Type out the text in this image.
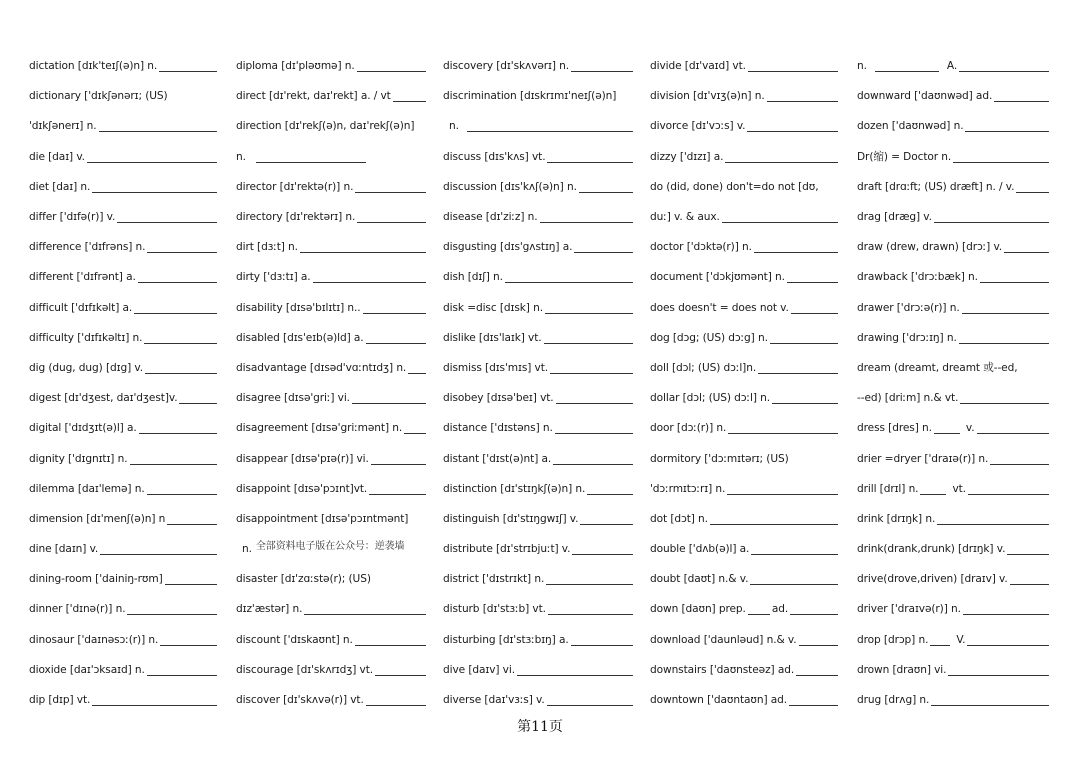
dictation [dɪk'teɪʃ(ə)n] n.
dictionary ['dɪkʃənərɪ; (US)
'dɪkʃənerɪ] n.
die [daɪ] v.
diet [daɪ] n.
differ ['dɪfə(r)] v.
difference ['dɪfrəns] n.
different ['dɪfrənt] a.
difficult ['dɪfɪkəlt] a.
difficulty ['dɪfɪkəltɪ] n.
dig (dug, dug) [dɪg] v.
digest [dɪ'dʒest, daɪ'dʒest]v.
digital ['dɪdʒɪt(ə)l] a.
dignity ['dɪgnɪtɪ] n.
dilemma [daɪ'lemə] n.
dimension [dɪ'menʃ(ə)n] n
dine [daɪn] v.
dining-room ['dainiŋ-rʊm]
dinner ['dɪnə(r)] n.
dinosaur ['daɪnəsɔː(r)] n.
dioxide [daɪ'ɔksaɪd] n.
dip [dɪp] vt.
diploma [dɪ'pləʊmə] n.
direct [dɪ'rekt, daɪ'rekt] a. / vt
direction [dɪ'rekʃ(ə)n, daɪ'rekʃ(ə)n]
n.
director [dɪ'rektə(r)] n.
directory [dɪ'rektərɪ] n.
dirt [dɜːt] n.
dirty ['dɜːtɪ] a.
disability [dɪsə'bɪlɪtɪ] n..
disabled [dɪs'eɪb(ə)ld] a.
disadvantage [dɪsəd'vɑːntɪdʒ] n.
disagree [dɪsə'griː] vi.
disagreement [dɪsə'griːmənt] n.
disappear [dɪsə'pɪə(r)] vi.
disappoint [dɪsə'pɔɪnt]vt.
disappointment [dɪsə'pɔɪntmənt]
n. 全部资料电子版在公众号：逆袭墙
disaster [dɪ'zɑːstə(r); (US)
dɪz'æstər] n.
discount ['dɪskaʊnt] n.
discourage [dɪ'skʌrɪdʒ] vt.
discover [dɪ'skʌvə(r)] vt.
discovery [dɪ'skʌvərɪ] n.
discrimination [dɪskrɪmɪ'neɪʃ(ə)n]
n.
discuss [dɪs'kʌs] vt.
discussion [dɪs'kʌʃ(ə)n] n.
disease [dɪ'ziːz] n.
disgusting [dɪs'gʌstɪŋ] a.
dish [dɪʃ] n.
disk =disc [dɪsk] n.
dislike [dɪs'laɪk] vt.
dismiss [dɪs'mɪs] vt.
disobey [dɪsə'beɪ] vt.
distance ['dɪstəns] n.
distant ['dɪst(ə)nt] a.
distinction [dɪ'stɪŋkʃ(ə)n] n.
distinguish [dɪ'stɪŋgwɪʃ] v.
distribute [dɪ'strɪbjuːt] v.
district ['dɪstrɪkt] n.
disturb [dɪ'stɜːb] vt.
disturbing [dɪ'stɜːbɪŋ] a.
dive [daɪv] vi.
diverse [daɪ'vɜːs] v.
divide [dɪ'vaɪd] vt.
division [dɪ'vɪʒ(ə)n] n.
divorce [dɪ'vɔːs] v.
dizzy ['dɪzɪ] a.
do (did, done) don't=do not [dʊ,
duː] v. & aux.
doctor ['dɔktə(r)] n.
document ['dɔkjʊmənt] n.
does doesn't = does not v.
dog [dɔg; (US) dɔːg] n.
doll [dɔl; (US) dɔːl]n.
dollar [dɔl; (US) dɔːl] n.
door [dɔː(r)] n.
dormitory ['dɔːmɪtərɪ; (US)
'dɔːrmɪtɔːrɪ] n.
dot [dɔt] n.
double ['dʌb(ə)l] a.
doubt [daʊt] n.& v.
down [daʊn] prep. ad.
download ['daunləud] n.& v.
downstairs ['daʊnsteəz] ad.
downtown ['daʊntaʊn] ad.
n.	A.
downward ['daʊnwəd] ad.
dozen ['daʊnwəd] n.
Dr(缩) = Doctor n.
draft [drɑːft; (US) dræft] n. / v.
drag [dræg] v.
draw (drew, drawn) [drɔː] v.
drawback ['drɔːbæk] n.
drawer ['drɔːə(r)] n.
drawing ['drɔːɪŋ] n.
dream (dreamt, dreamt 或--ed,
--ed) [driːm] n.& vt.
dress [dres] n.	v.
drier =dryer ['draɪə(r)] n.
drill [drɪl] n.	vt.
drink [drɪŋk] n.
drink(drank,drunk) [drɪŋk] v.
drive(drove,driven) [draɪv] v.
driver ['draɪvə(r)] n.
drop [drɔp] n.	V.
drown [draʊn] vi.
drug [drʌg] n.
第11页
